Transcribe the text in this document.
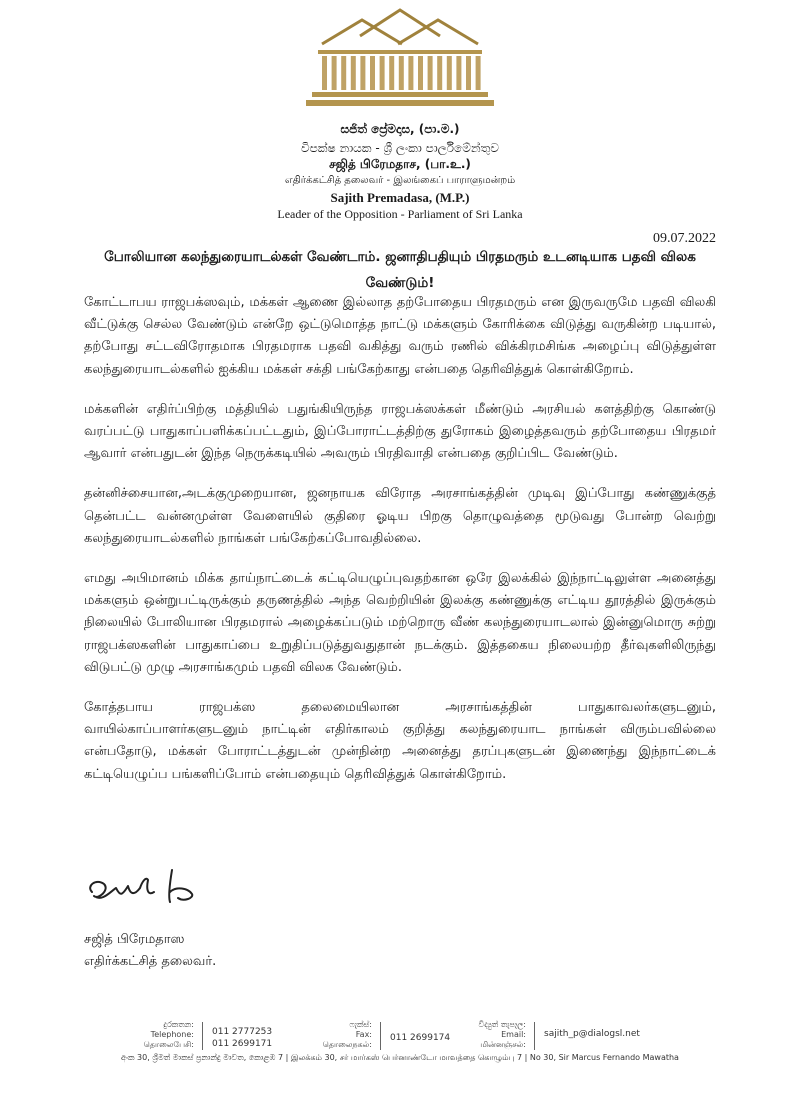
සජිත් ප්‍රේමදාස, (පා.ම.)
විපක්ෂ නායක - ශ්‍රී ලංකා පාර්ලිමේන්තුව
சஜித் பிரேமதாச, (பா.உ.)
எதிர்க்கட்சித் தலைவர் - இலங்கைப் பாராளுமன்றம்
Sajith Premadasa, (M.P.)
Leader of the Opposition - Parliament of Sri Lanka
09.07.2022
போலியான கலந்துரையாடல்கள் வேண்டாம். ஜனாதிபதியும் பிரதமரும் உடனடியாக பதவி விலக வேண்டும்!

கோட்டாபய ராஜபக்ஸவும், மக்கள் ஆணை இல்லாத தற்போதைய பிரதமரும் என இருவருமே பதவி விலகி வீட்டுக்கு செல்ல வேண்டும் என்றே ஒட்டுமொத்த நாட்டு மக்களும் கோரிக்கை விடுத்து வருகின்ற படியால், தற்போது சட்டவிரோதமாக பிரதமராக பதவி வகித்து வரும் ரணில் விக்கிரமசிங்க அழைப்பு விடுத்துள்ள கலந்துரையாடல்களில் ஐக்கிய மக்கள் சக்தி பங்கேற்காது என்பதை தெரிவித்துக் கொள்கிறோம்.

மக்களின் எதிர்ப்பிற்கு மத்தியில் பதுங்கியிருந்த ராஜபக்ஸக்கள் மீண்டும் அரசியல் களத்திற்கு கொண்டு வரப்பட்டு பாதுகாப்பளிக்கப்பட்டதும், இப்போராட்டத்திற்கு துரோகம் இழைத்தவரும் தற்போதைய பிரதமர் ஆவார் என்பதுடன் இந்த நெருக்கடியில் அவரும் பிரதிவாதி என்பதை குறிப்பிட வேண்டும்.

தன்னிச்சையான,அடக்குமுறையான, ஜனநாயக விரோத அரசாங்கத்தின் முடிவு இப்போது கண்ணுக்குத் தென்பட்ட வன்னமுள்ள வேளையில் குதிரை ஓடிய பிறகு தொழுவத்தை மூடுவது போன்ற வெற்று கலந்துரையாடல்களில் நாங்கள் பங்கேற்கப்போவதில்லை.

எமது அபிமானம் மிக்க தாய்நாட்டைக் கட்டியெழுப்புவதற்கான ஒரே இலக்கில் இந்நாட்டிலுள்ள அனைத்து மக்களும் ஒன்றுபட்டிருக்கும் தருணத்தில் அந்த வெற்றியின் இலக்கு கண்ணுக்கு எட்டிய தூரத்தில் இருக்கும் நிலையில் போலியான பிரதமரால் அழைக்கப்படும் மற்றொரு வீண் கலந்துரையாடலால் இன்னுமொரு சுற்று ராஜபக்ஸகளின் பாதுகாப்பை உறுதிப்படுத்துவதுதான் நடக்கும். இத்தகைய நிலையற்ற தீர்வுகளிலிருந்து விடுபட்டு முழு அரசாங்கமும் பதவி விலக வேண்டும்.

கோத்தபாய ராஜபக்ஸ தலைமையிலான அரசாங்கத்தின் பாதுகாவலர்களுடனும், வாயில்காப்பாளர்களுடனும் நாட்டின் எதிர்காலம் குறித்து கலந்துரையாட நாங்கள் விரும்பவில்லை என்பதோடு, மக்கள் போராட்டத்துடன் முன்நின்ற அனைத்து தரப்புகளுடன் இணைந்து இந்நாட்டைக் கட்டியெழுப்ப பங்களிப்போம் என்பதையும் தெரிவித்துக் கொள்கிறோம்.

சஜித் பிரேமதாஸ
எதிர்க்கட்சித் தலைவர்.
දුරකතන:
Telephone:
தொலைபேசி:
011 2777253
011 2699171
ෆැක්ස්:
Fax:
தொலைநகல்:
011 2699174
විද්‍යුත් තැපෑල:
Email:
மின்னஞ்சல்:
sajith_p@dialogsl.net
අංක 30, ශ්‍රීමත් මාකස් ප්‍රනාන්දු මාවත, කොළඹ 7 | இலக்கம் 30, சர் மார்கஸ் பெர்னாண்டோ மாவத்தை கொழும்பு 7 | No 30, Sir Marcus Fernando Mawatha
